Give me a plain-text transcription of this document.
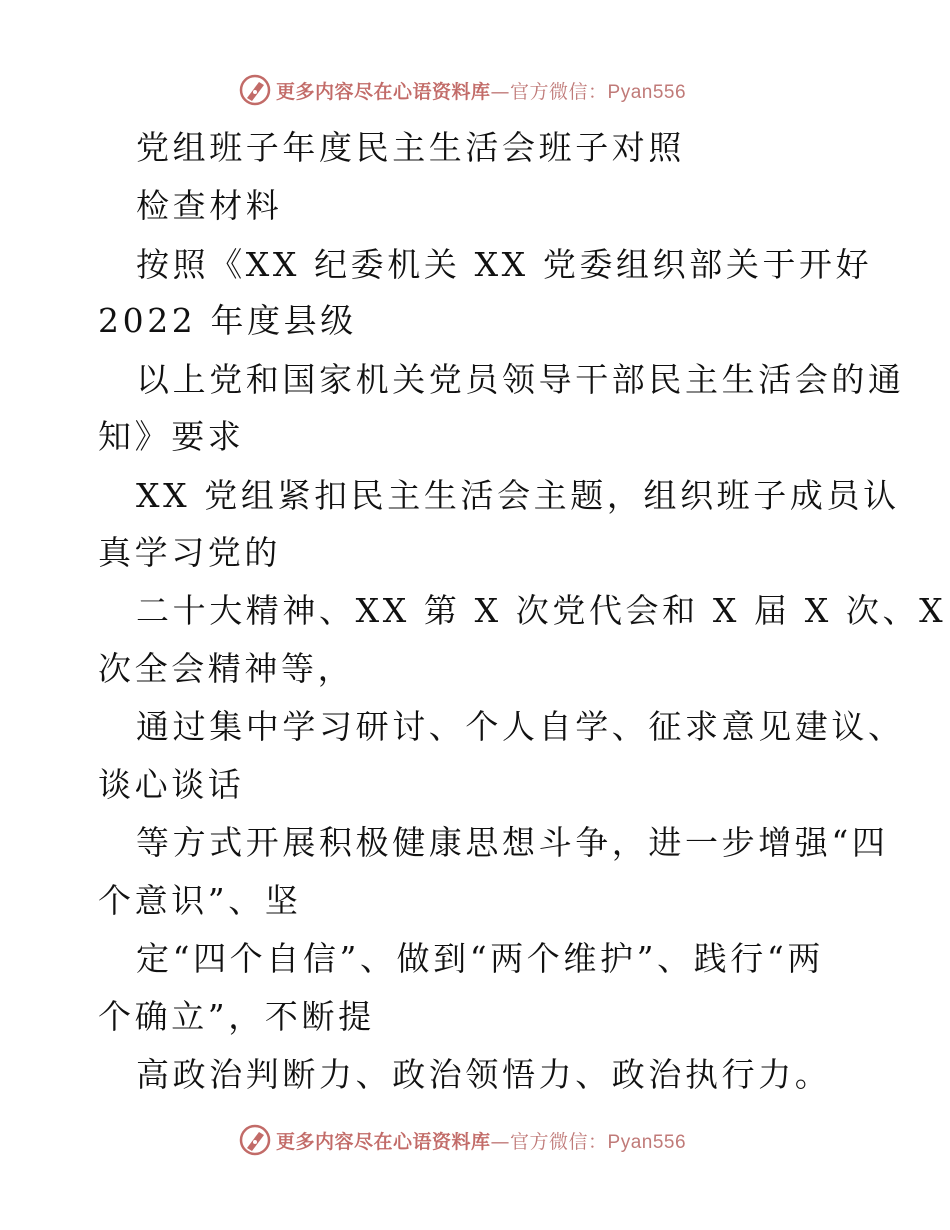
更多内容尽在心语资料库—官方微信：Pyan556
党组班子年度民主生活会班子对照
检查材料
按照《XX 纪委机关 XX 党委组织部关于开好
2022 年度县级
以上党和国家机关党员领导干部民主生活会的通
知》要求
XX 党组紧扣民主生活会主题，组织班子成员认
真学习党的
二十大精神、XX 第 X 次党代会和 X 届 X 次、X
次全会精神等，
通过集中学习研讨、个人自学、征求意见建议、
谈心谈话
等方式开展积极健康思想斗争，进一步增强“四
个意识”、坚
定“四个自信”、做到“两个维护”、践行“两
个确立”，不断提
高政治判断力、政治领悟力、政治执行力。
更多内容尽在心语资料库—官方微信：Pyan556
